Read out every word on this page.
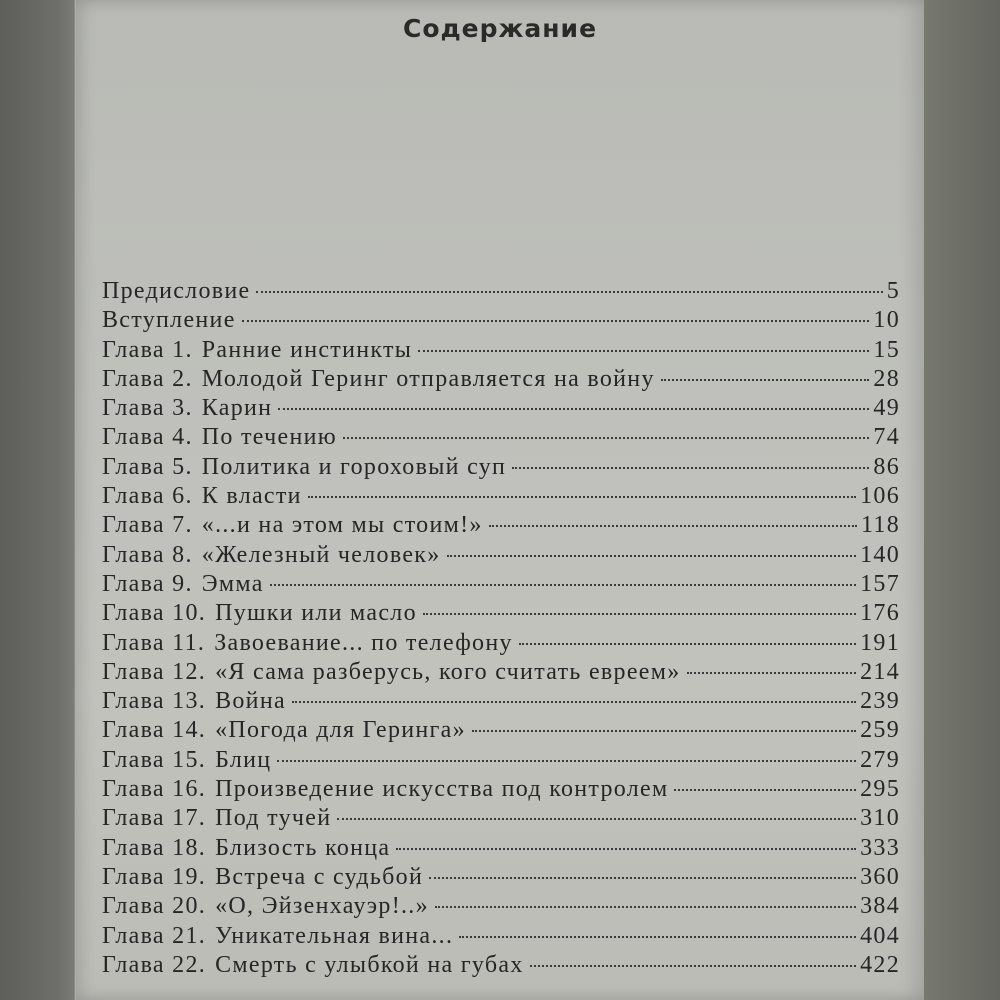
Содержание
Предисловие	5
Вступление	10
Глава 1. Ранние инстинкты	15
Глава 2. Молодой Геринг отправляется на войну	28
Глава 3. Карин	49
Глава 4. По течению	74
Глава 5. Политика и гороховый суп	86
Глава 6. К власти	106
Глава 7. «...и на этом мы стоим!»	118
Глава 8. «Железный человек»	140
Глава 9. Эмма	157
Глава 10. Пушки или масло	176
Глава 11. Завоевание... по телефону	191
Глава 12. «Я сама разберусь, кого считать евреем»	214
Глава 13. Война	239
Глава 14. «Погода для Геринга»	259
Глава 15. Блиц	279
Глава 16. Произведение искусства под контролем	295
Глава 17. Под тучей	310
Глава 18. Близость конца	333
Глава 19. Встреча с судьбой	360
Глава 20. «О, Эйзенхауэр!..»	384
Глава 21. Уникательная вина...	404
Глава 22. Смерть с улыбкой на губах	422
